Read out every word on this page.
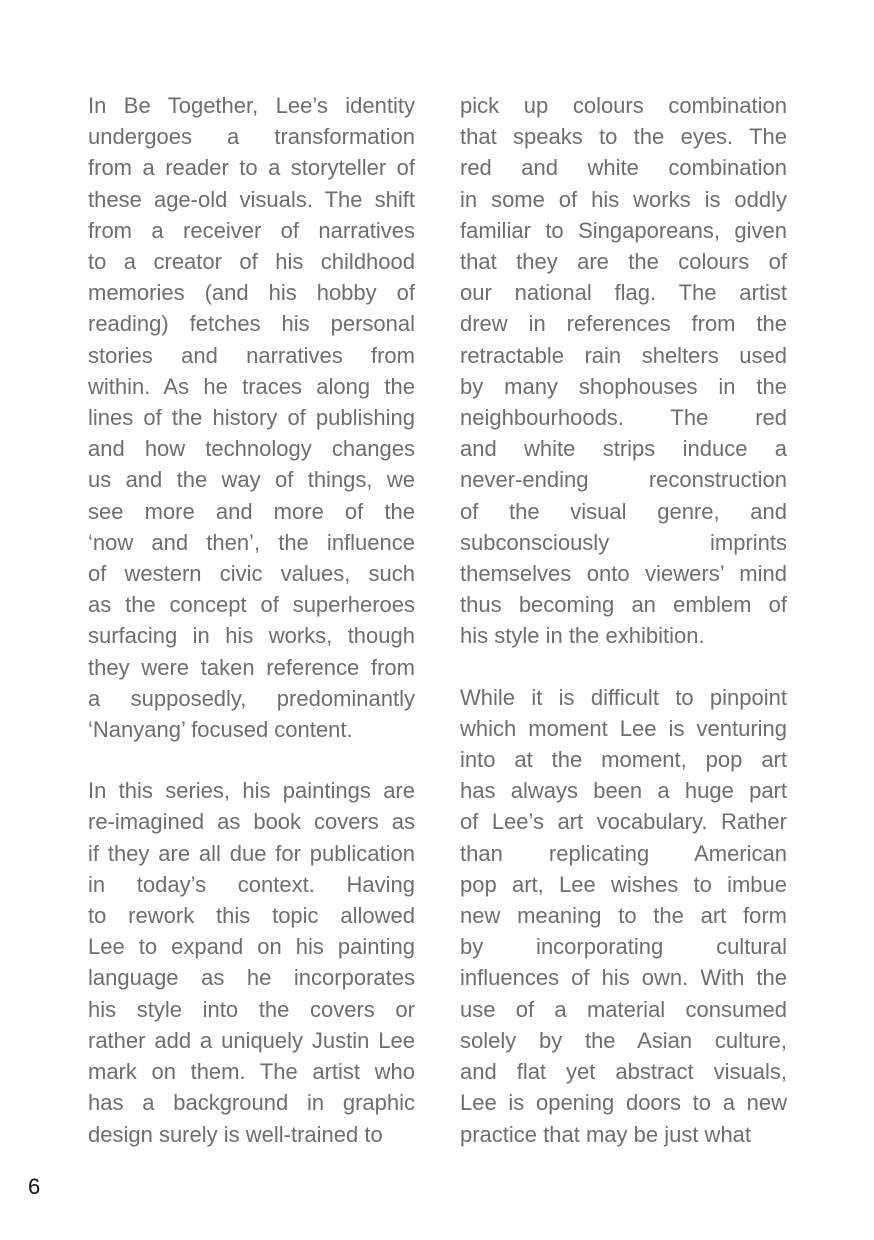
In Be Together, Lee’s identity
undergoes a transformation
from a reader to a storyteller of
these age-old visuals. The shift
from a receiver of narratives
to a creator of his childhood
memories (and his hobby of
reading) fetches his personal
stories and narratives from
within. As he traces along the
lines of the history of publishing
and how technology changes
us and the way of things, we
see more and more of the
‘now and then’, the influence
of western civic values, such
as the concept of superheroes
surfacing in his works, though
they were taken reference from
a supposedly, predominantly
‘Nanyang’ focused content.
In this series, his paintings are
re-imagined as book covers as
if they are all due for publication
in today’s context. Having
to rework this topic allowed
Lee to expand on his painting
language as he incorporates
his style into the covers or
rather add a uniquely Justin Lee
mark on them. The artist who
has a background in graphic
design surely is well-trained to
pick up colours combination
that speaks to the eyes. The
red and white combination
in some of his works is oddly
familiar to Singaporeans, given
that they are the colours of
our national flag. The artist
drew in references from the
retractable rain shelters used
by many shophouses in the
neighbourhoods. The red
and white strips induce a
never-ending reconstruction
of the visual genre, and
subconsciously imprints
themselves onto viewers’ mind
thus becoming an emblem of
his style in the exhibition.
While it is difficult to pinpoint
which moment Lee is venturing
into at the moment, pop art
has always been a huge part
of Lee’s art vocabulary. Rather
than replicating American
pop art, Lee wishes to imbue
new meaning to the art form
by incorporating cultural
influences of his own. With the
use of a material consumed
solely by the Asian culture,
and flat yet abstract visuals,
Lee is opening doors to a new
practice that may be just what
6
